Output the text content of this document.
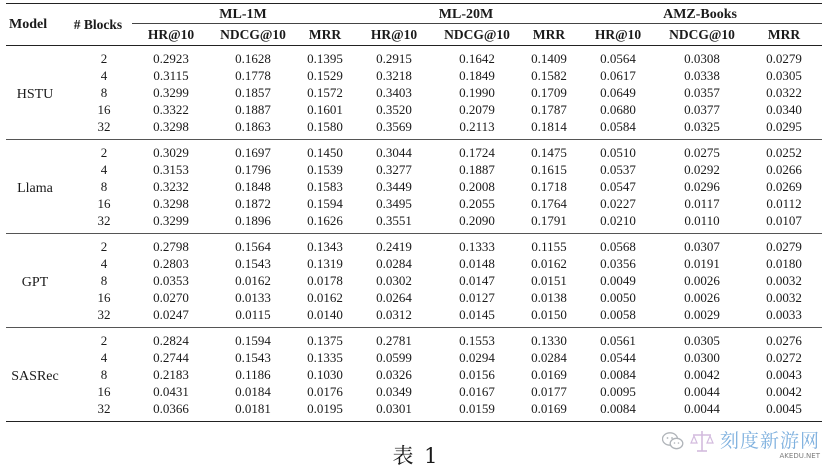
Model	# Blocks	ML-1M			ML-20M			AMZ-Books		
		HR@10	NDCG@10	MRR	HR@10	NDCG@10	MRR	HR@10	NDCG@10	MRR
HSTU	2	0.2923	0.1628	0.1395	0.2915	0.1642	0.1409	0.0564	0.0308	0.0279
	4	0.3115	0.1778	0.1529	0.3218	0.1849	0.1582	0.0617	0.0338	0.0305
	8	0.3299	0.1857	0.1572	0.3403	0.1990	0.1709	0.0649	0.0357	0.0322
	16	0.3322	0.1887	0.1601	0.3520	0.2079	0.1787	0.0680	0.0377	0.0340
	32	0.3298	0.1863	0.1580	0.3569	0.2113	0.1814	0.0584	0.0325	0.0295
Llama	2	0.3029	0.1697	0.1450	0.3044	0.1724	0.1475	0.0510	0.0275	0.0252
	4	0.3153	0.1796	0.1539	0.3277	0.1887	0.1615	0.0537	0.0292	0.0266
	8	0.3232	0.1848	0.1583	0.3449	0.2008	0.1718	0.0547	0.0296	0.0269
	16	0.3298	0.1872	0.1594	0.3495	0.2055	0.1764	0.0227	0.0117	0.0112
	32	0.3299	0.1896	0.1626	0.3551	0.2090	0.1791	0.0210	0.0110	0.0107
GPT	2	0.2798	0.1564	0.1343	0.2419	0.1333	0.1155	0.0568	0.0307	0.0279
	4	0.2803	0.1543	0.1319	0.0284	0.0148	0.0162	0.0356	0.0191	0.0180
	8	0.0353	0.0162	0.0178	0.0302	0.0147	0.0151	0.0049	0.0026	0.0032
	16	0.0270	0.0133	0.0162	0.0264	0.0127	0.0138	0.0050	0.0026	0.0032
	32	0.0247	0.0115	0.0140	0.0312	0.0145	0.0150	0.0058	0.0029	0.0033
SASRec	2	0.2824	0.1594	0.1375	0.2781	0.1553	0.1330	0.0561	0.0305	0.0276
	4	0.2744	0.1543	0.1335	0.0599	0.0294	0.0284	0.0544	0.0300	0.0272
	8	0.2183	0.1186	0.1030	0.0326	0.0156	0.0169	0.0084	0.0042	0.0043
	16	0.0431	0.0184	0.0176	0.0349	0.0167	0.0177	0.0095	0.0044	0.0042
	32	0.0366	0.0181	0.0195	0.0301	0.0159	0.0169	0.0084	0.0044	0.0045
表 1
刻度新游网
AKEDU.NET
